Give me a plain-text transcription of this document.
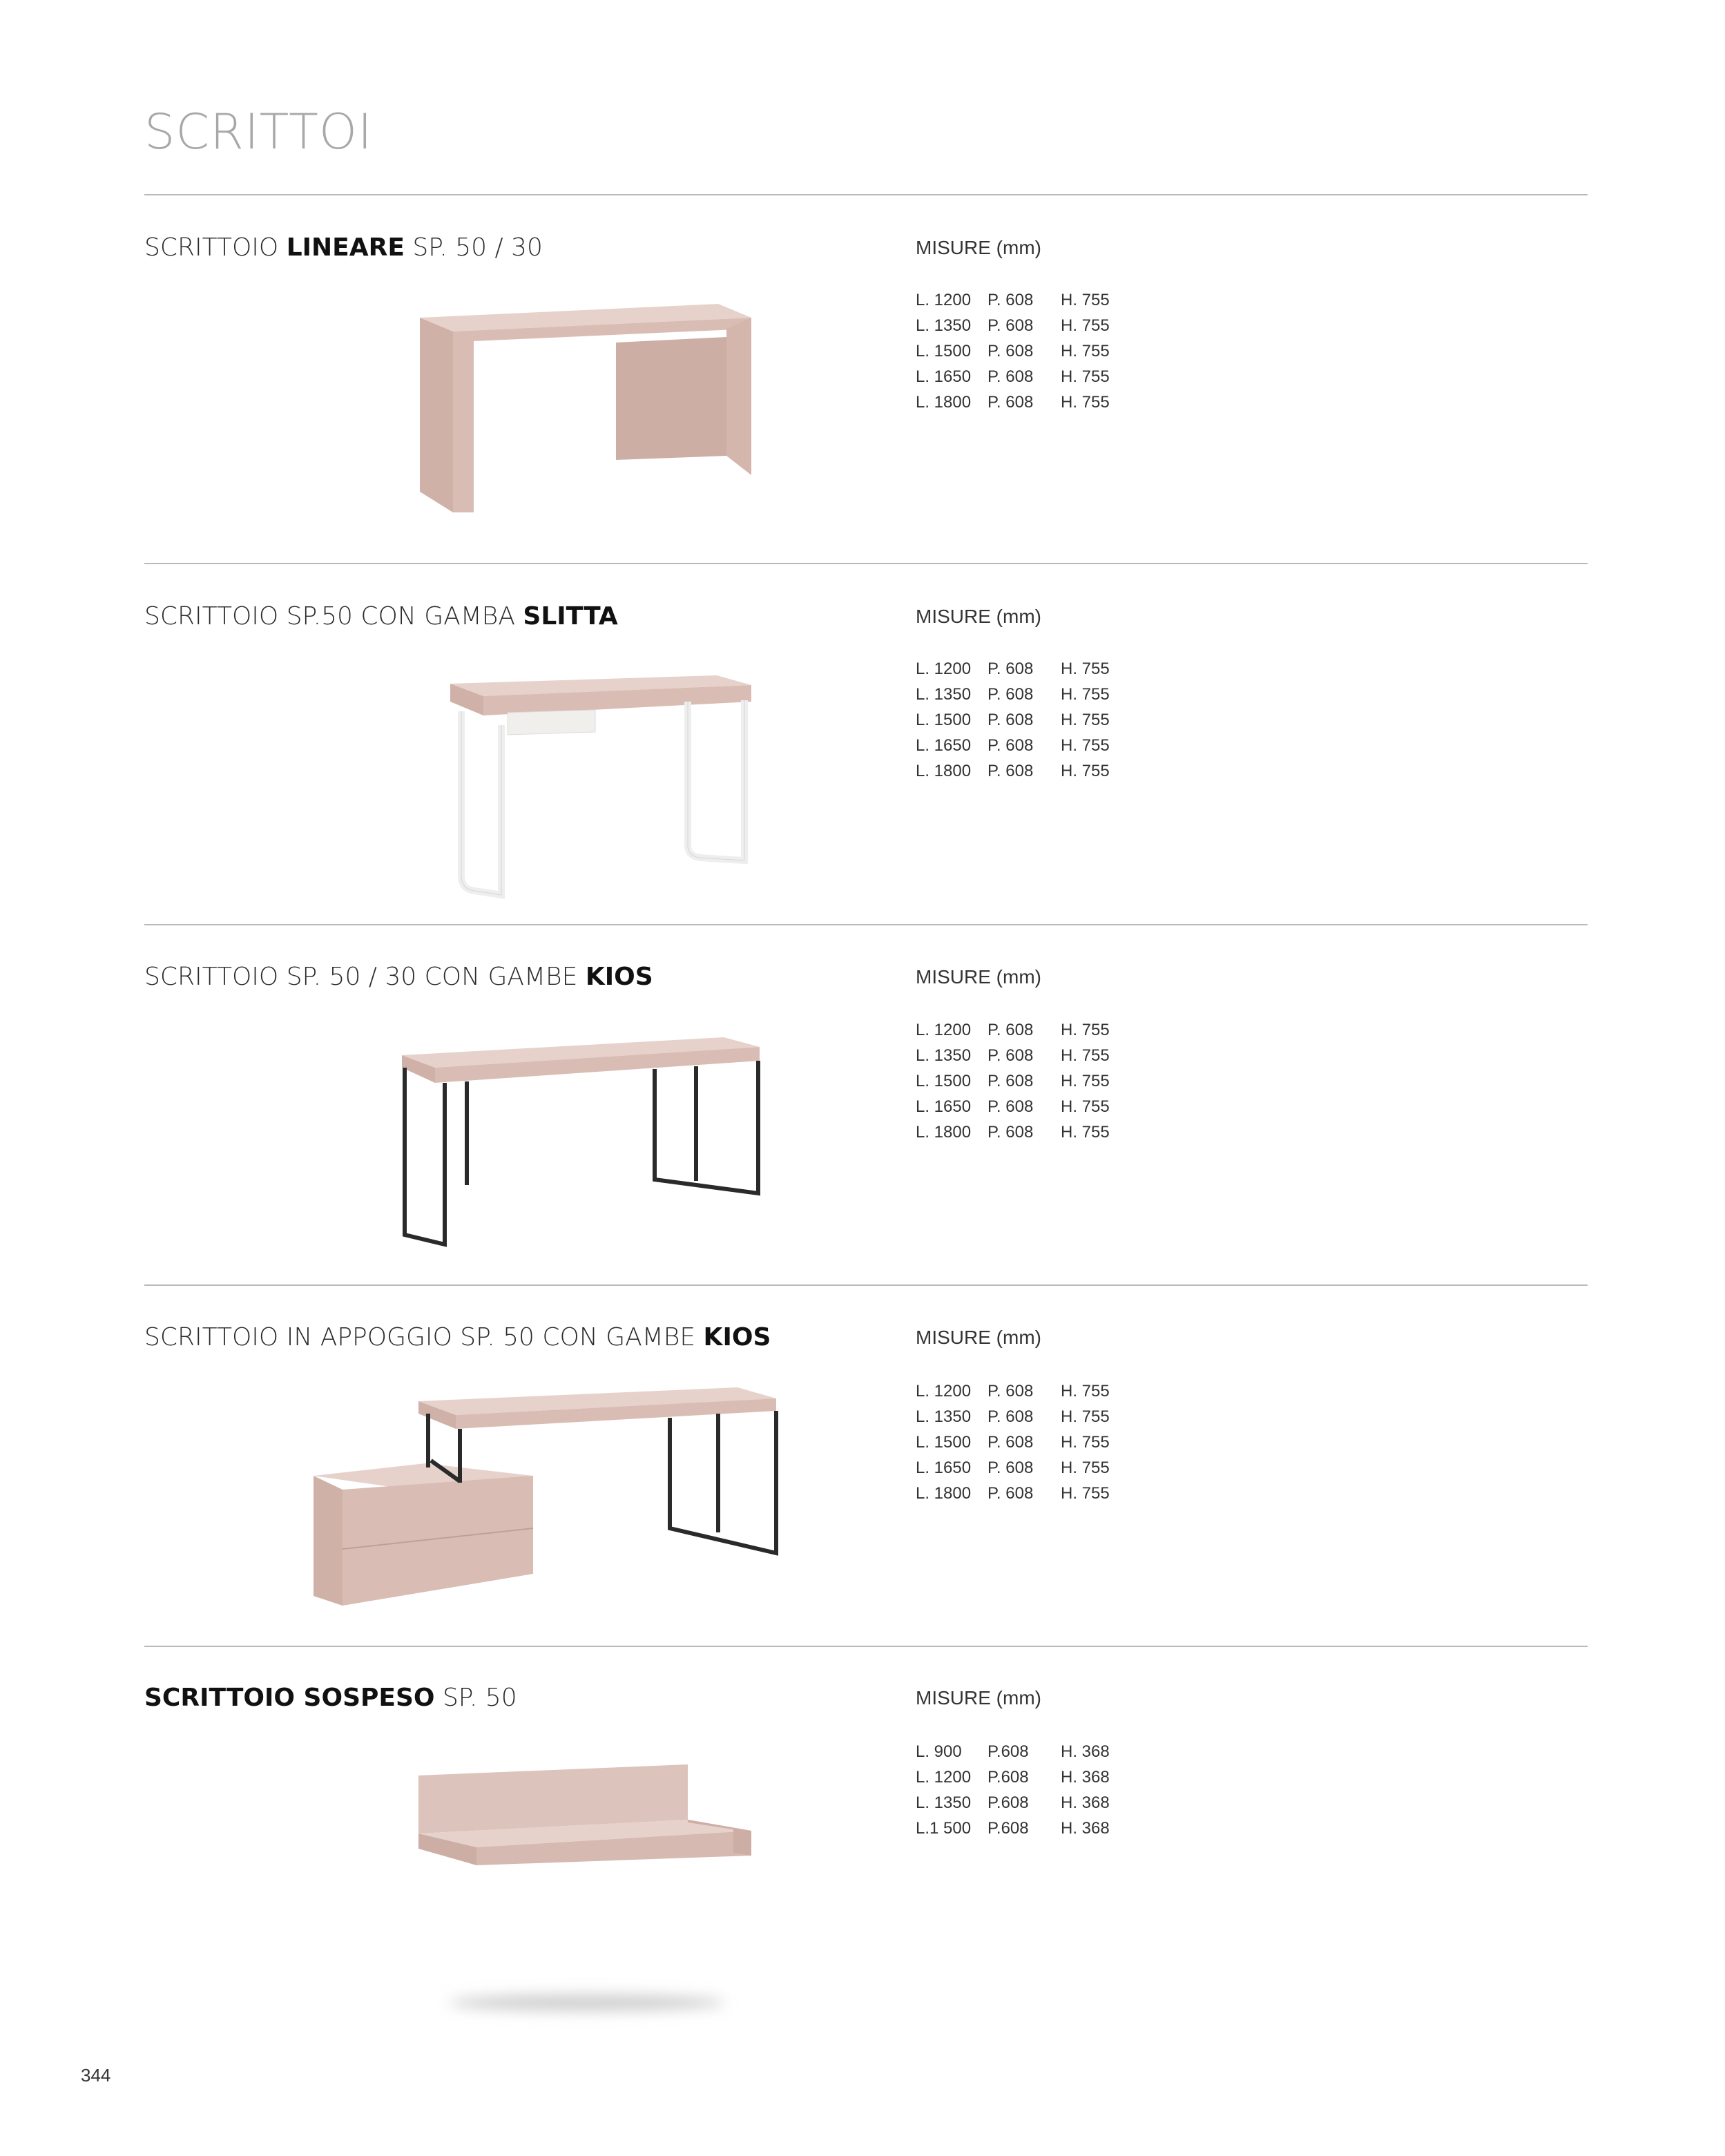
SCRITTOI
SCRITTOIO LINEARE SP. 50 / 30	MISURE (mm)
L. 1200 P. 608	H. 755
L. 1350 P. 608	H. 755
L. 1500 P. 608	H. 755
L. 1650 P. 608	H. 755
L. 1800 P. 608	H. 755
SCRITTOIO SP.50 CON GAMBA SLITTA	MISURE (mm)
L. 1200 P. 608	H. 755
L. 1350 P. 608	H. 755
L. 1500 P. 608	H. 755
L. 1650 P. 608	H. 755
L. 1800 P. 608	H. 755
SCRITTOIO SP. 50 / 30 CON GAMBE KIOS	MISURE (mm)
L. 1200 P. 608	H. 755
L. 1350 P. 608	H. 755
L. 1500 P. 608	H. 755
L. 1650 P. 608	H. 755
L. 1800 P. 608	H. 755
SCRITTOIO IN APPOGGIO SP. 50 CON GAMBE KIOS	MISURE (mm)
L. 1200 P. 608	H. 755
L. 1350 P. 608	H. 755
L. 1500 P. 608	H. 755
L. 1650 P. 608	H. 755
L. 1800 P. 608	H. 755
SCRITTOIO SOSPESO SP. 50	MISURE (mm)
L. 900	P.608	H. 368
L. 1200 P.608	H. 368
L. 1350 P.608	H. 368
L.1 500 P.608	H. 368
344
